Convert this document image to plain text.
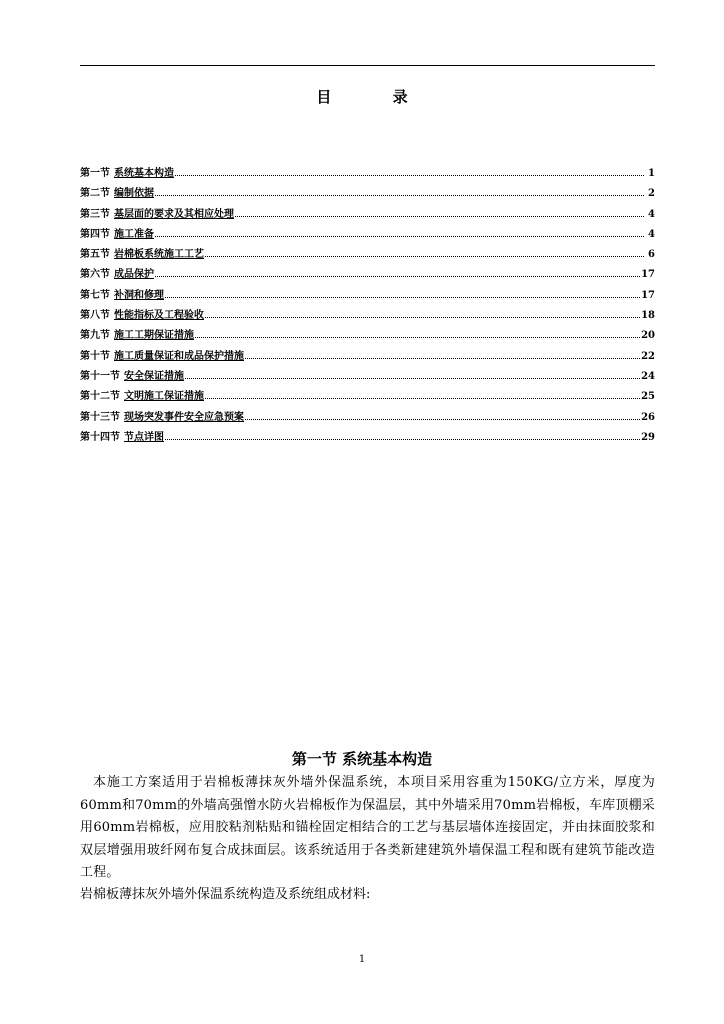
目 录
第一节 系统基本构造	1
第二节 编制依据	2
第三节 基层面的要求及其相应处理	4
第四节 施工准备	4
第五节 岩棉板系统施工工艺	6
第六节 成品保护	17
第七节 补洞和修理	17
第八节 性能指标及工程验收	18
第九节 施工工期保证措施	20
第十节 施工质量保证和成品保护措施	22
第十一节 安全保证措施	24
第十二节 文明施工保证措施	25
第十三节 现场突发事件安全应急预案	26
第十四节 节点详图	29
第一节 系统基本构造

本施工方案适用于岩棉板薄抹灰外墙外保温系统，本项目采用容重为150KG/立方米，厚度为60mm和70mm的外墙高强憎水防火岩棉板作为保温层，其中外墙采用70mm岩棉板，车库顶棚采用60mm岩棉板，应用胶粘剂粘贴和锚栓固定相结合的工艺与基层墙体连接固定，并由抹面胶浆和双层增强用玻纤网布复合成抹面层。该系统适用于各类新建建筑外墙保温工程和既有建筑节能改造工程。

岩棉板薄抹灰外墙外保温系统构造及系统组成材料:

1
